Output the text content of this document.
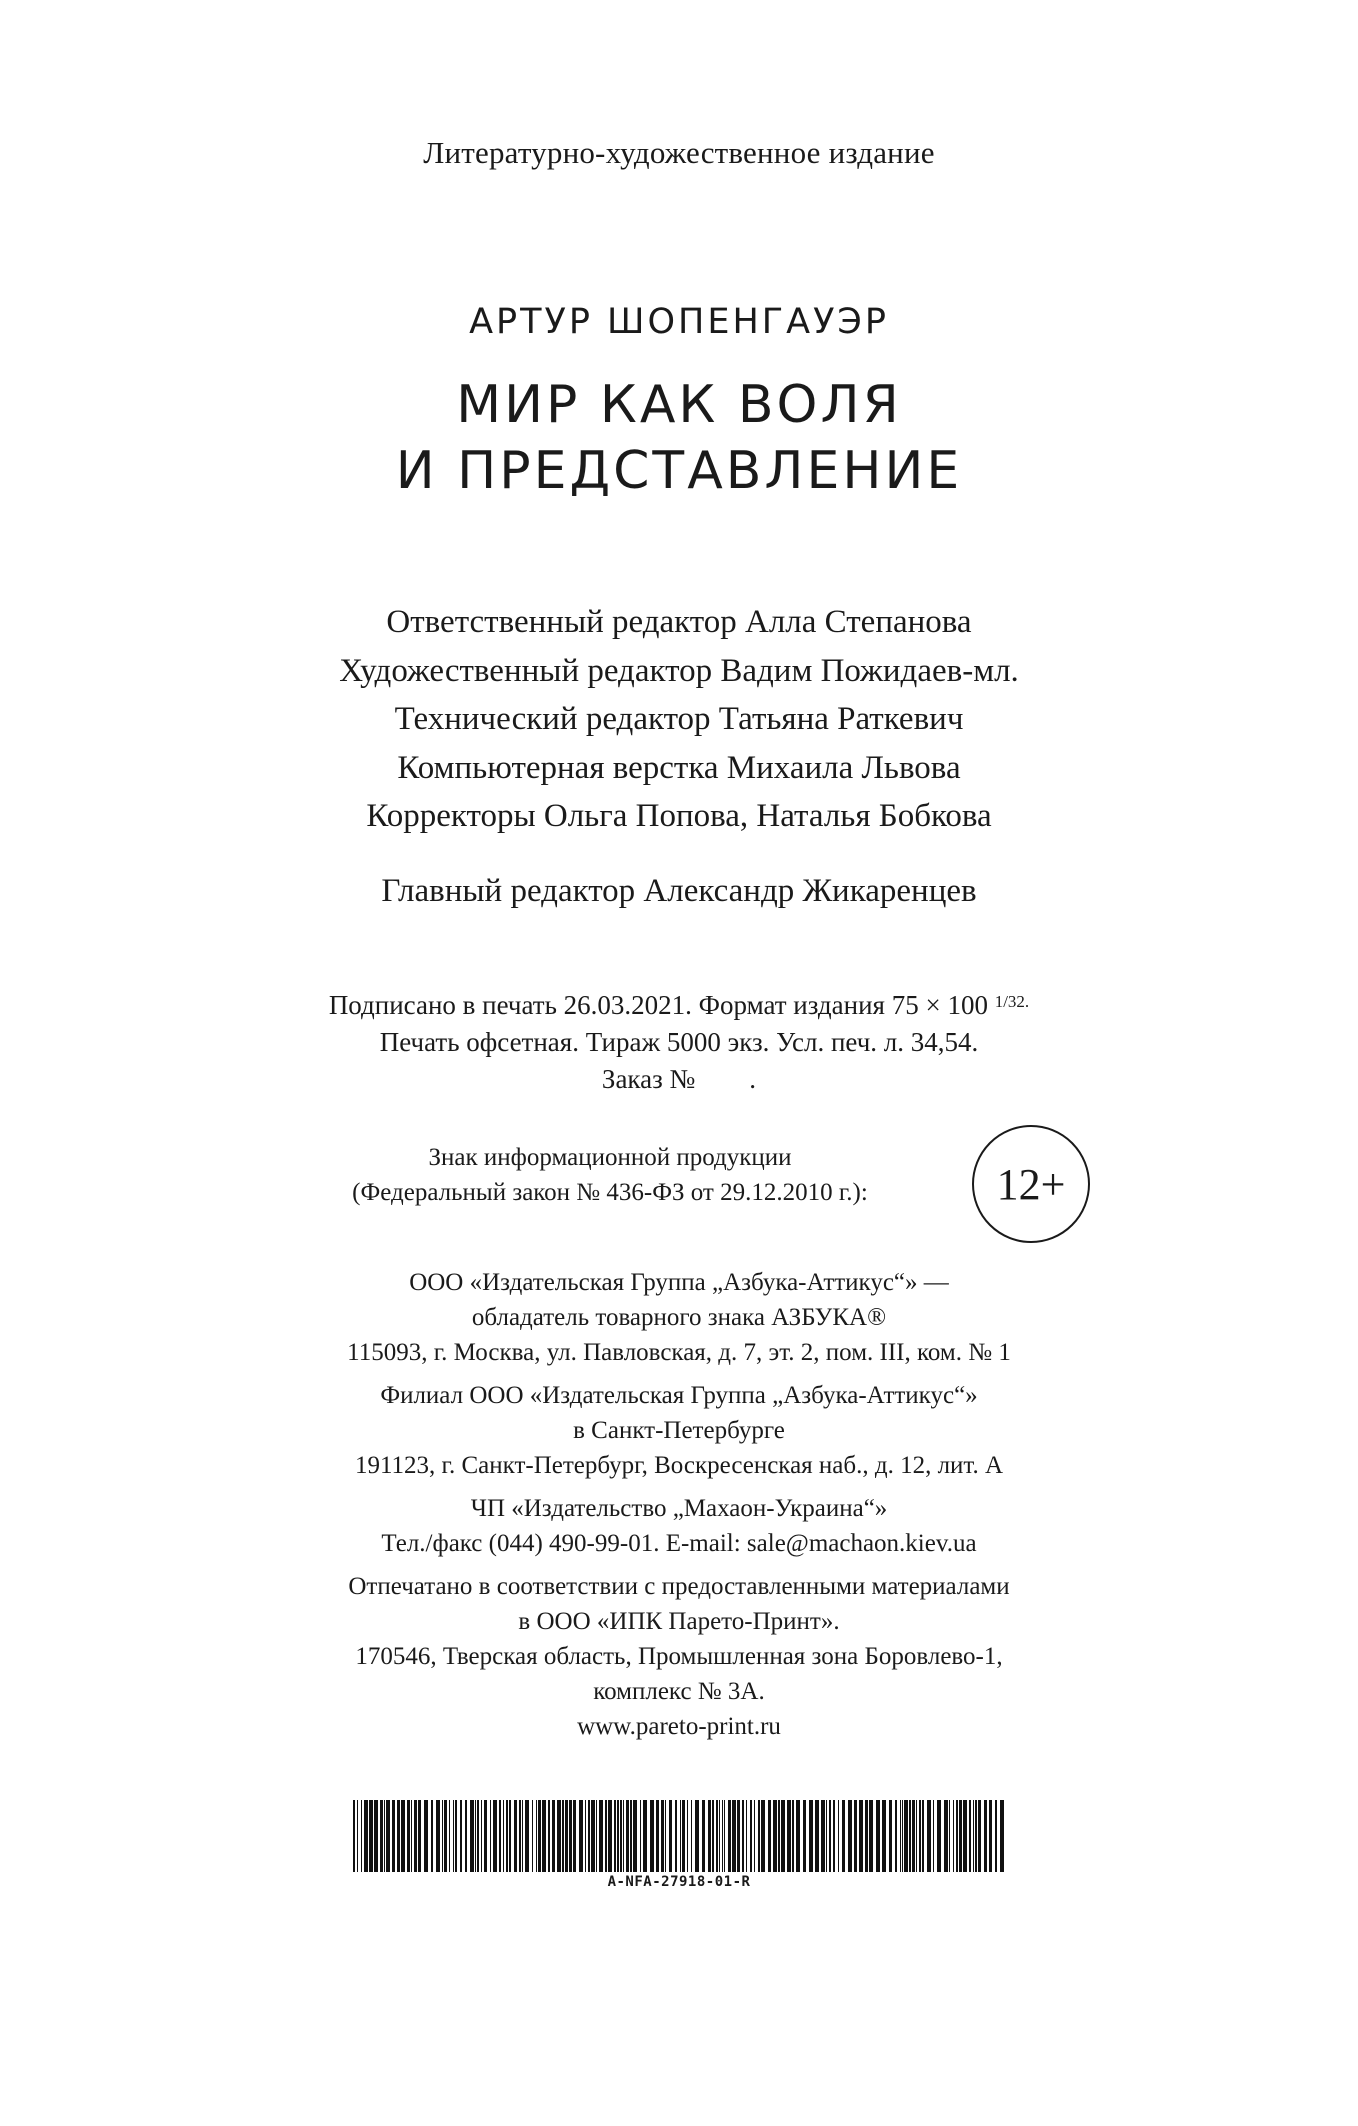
Литературно-художественное издание
АРТУР ШОПЕНГАУЭР
МИР КАК ВОЛЯ
И ПРЕДСТАВЛЕНИЕ
Ответственный редактор Алла Степанова
Художественный редактор Вадим Пожидаев-мл.
Технический редактор Татьяна Раткевич
Компьютерная верстка Михаила Львова
Корректоры Ольга Попова, Наталья Бобкова
Главный редактор Александр Жикаренцев
Подписано в печать 26.03.2021. Формат издания 75 × 100 $^{1/32.}$
Печать офсетная. Тираж 5000 экз. Усл. печ. л. 34,54.
Заказ №        .
Знак информационной продукции
(Федеральный закон № 436-ФЗ от 29.12.2010 г.):	12+
ООО «Издательская Группа „Азбука-Аттикус“» —
обладатель товарного знака АЗБУКА®
115093, г. Москва, ул. Павловская, д. 7, эт. 2, пом. III, ком. № 1
Филиал ООО «Издательская Группа „Азбука-Аттикус“»
в Санкт-Петербурге
191123, г. Санкт-Петербург, Воскресенская наб., д. 12, лит. А
ЧП «Издательство „Махаон-Украина“»
Тел./факс (044) 490-99-01. E-mail: sale@machaon.kiev.ua
Отпечатано в соответствии с предоставленными материалами
в ООО «ИПК Парето-Принт».
170546, Тверская область, Промышленная зона Боровлево-1,
комплекс № 3А.
www.pareto-print.ru
A-NFA-27918-01-R
